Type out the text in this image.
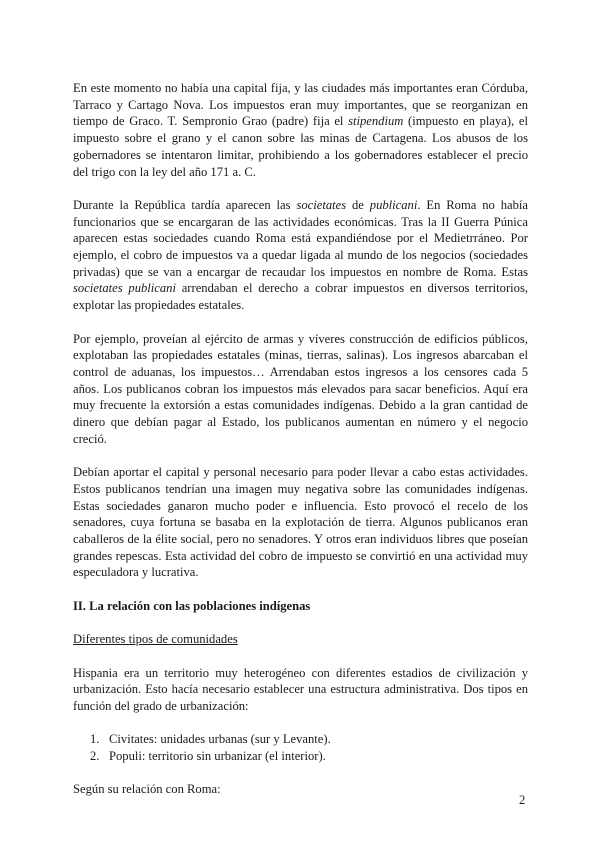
En este momento no había una capital fija, y las ciudades más importantes eran Córduba, Tarraco y Cartago Nova. Los impuestos eran muy importantes, que se reorganizan en tiempo de Graco. T. Sempronio Grao (padre) fija el stipendium (impuesto en playa), el impuesto sobre el grano y el canon sobre las minas de Cartagena. Los abusos de los gobernadores se intentaron limitar, prohibiendo a los gobernadores establecer el precio del trigo con la ley del año 171 a. C.

Durante la República tardía aparecen las societates de publicani. En Roma no había funcionarios que se encargaran de las actividades económicas. Tras la II Guerra Púnica aparecen estas sociedades cuando Roma está expandiéndose por el Medietrráneo. Por ejemplo, el cobro de impuestos va a quedar ligada al mundo de los negocios (sociedades privadas) que se van a encargar de recaudar los impuestos en nombre de Roma. Estas societates publicani arrendaban el derecho a cobrar impuestos en diversos territorios, explotar las propiedades estatales.

Por ejemplo, proveían al ejército de armas y víveres construcción de edificios públicos, explotaban las propiedades estatales (minas, tierras, salinas). Los ingresos abarcaban el control de aduanas, los impuestos… Arrendaban estos ingresos a los censores cada 5 años. Los publicanos cobran los impuestos más elevados para sacar beneficios. Aquí era muy frecuente la extorsión a estas comunidades indígenas. Debido a la gran cantidad de dinero que debían pagar al Estado, los publicanos aumentan en número y el negocio creció.

Debían aportar el capital y personal necesario para poder llevar a cabo estas actividades. Estos publicanos tendrían una imagen muy negativa sobre las comunidades indígenas. Estas sociedades ganaron mucho poder e influencia. Esto provocó el recelo de los senadores, cuya fortuna se basaba en la explotación de tierra. Algunos publicanos eran caballeros de la élite social, pero no senadores. Y otros eran individuos libres que poseían grandes repescas. Esta actividad del cobro de impuesto se convirtió en una actividad muy especuladora y lucrativa.

II. La relación con las poblaciones indígenas

Diferentes tipos de comunidades

Hispania era un territorio muy heterogéneo con diferentes estadios de civilización y urbanización. Esto hacía necesario establecer una estructura administrativa. Dos tipos en función del grado de urbanización:

1. Civitates: unidades urbanas (sur y Levante).
2. Populi: territorio sin urbanizar (el interior).

Según su relación con Roma:

2
